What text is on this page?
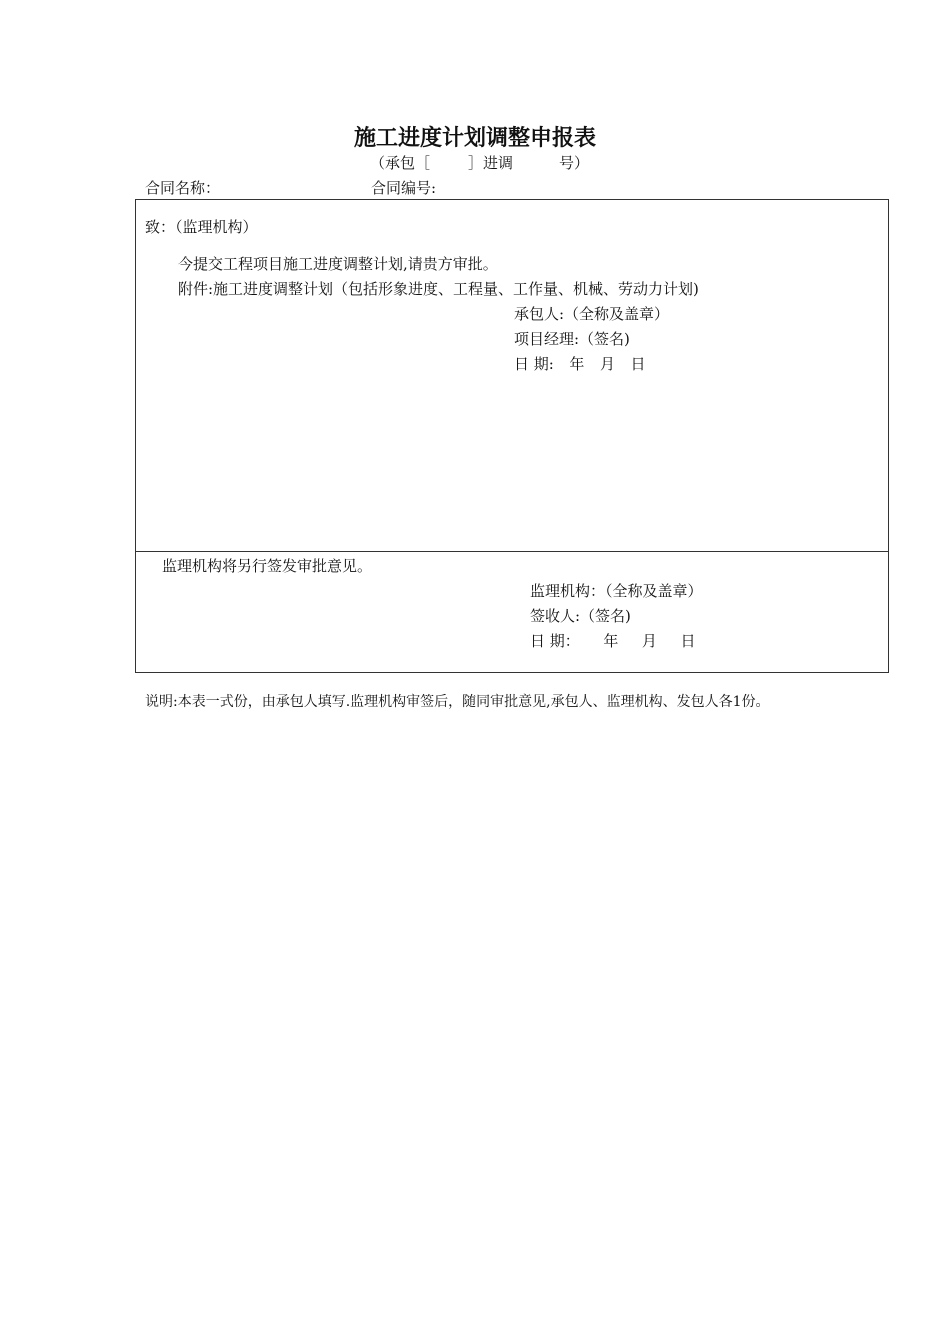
施工进度计划调整申报表
（承包［	］进调	号）
合同名称：	合同编号:
致：（监理机构）
今提交工程项目施工进度调整计划,请贵方审批。
附件:施工进度调整计划（包括形象进度、工程量、工作量、机械、劳动力计划)
承包人:（全称及盖章）
项目经理:（签名)
日 期: 年 月 日
监理机构将另行签发审批意见。
监理机构：（全称及盖章）
签收人:（签名)
日 期： 年 月 日
说明:本表一式份，由承包人填写.监理机构审签后，随同审批意见,承包人、监理机构、发包人各1份。
